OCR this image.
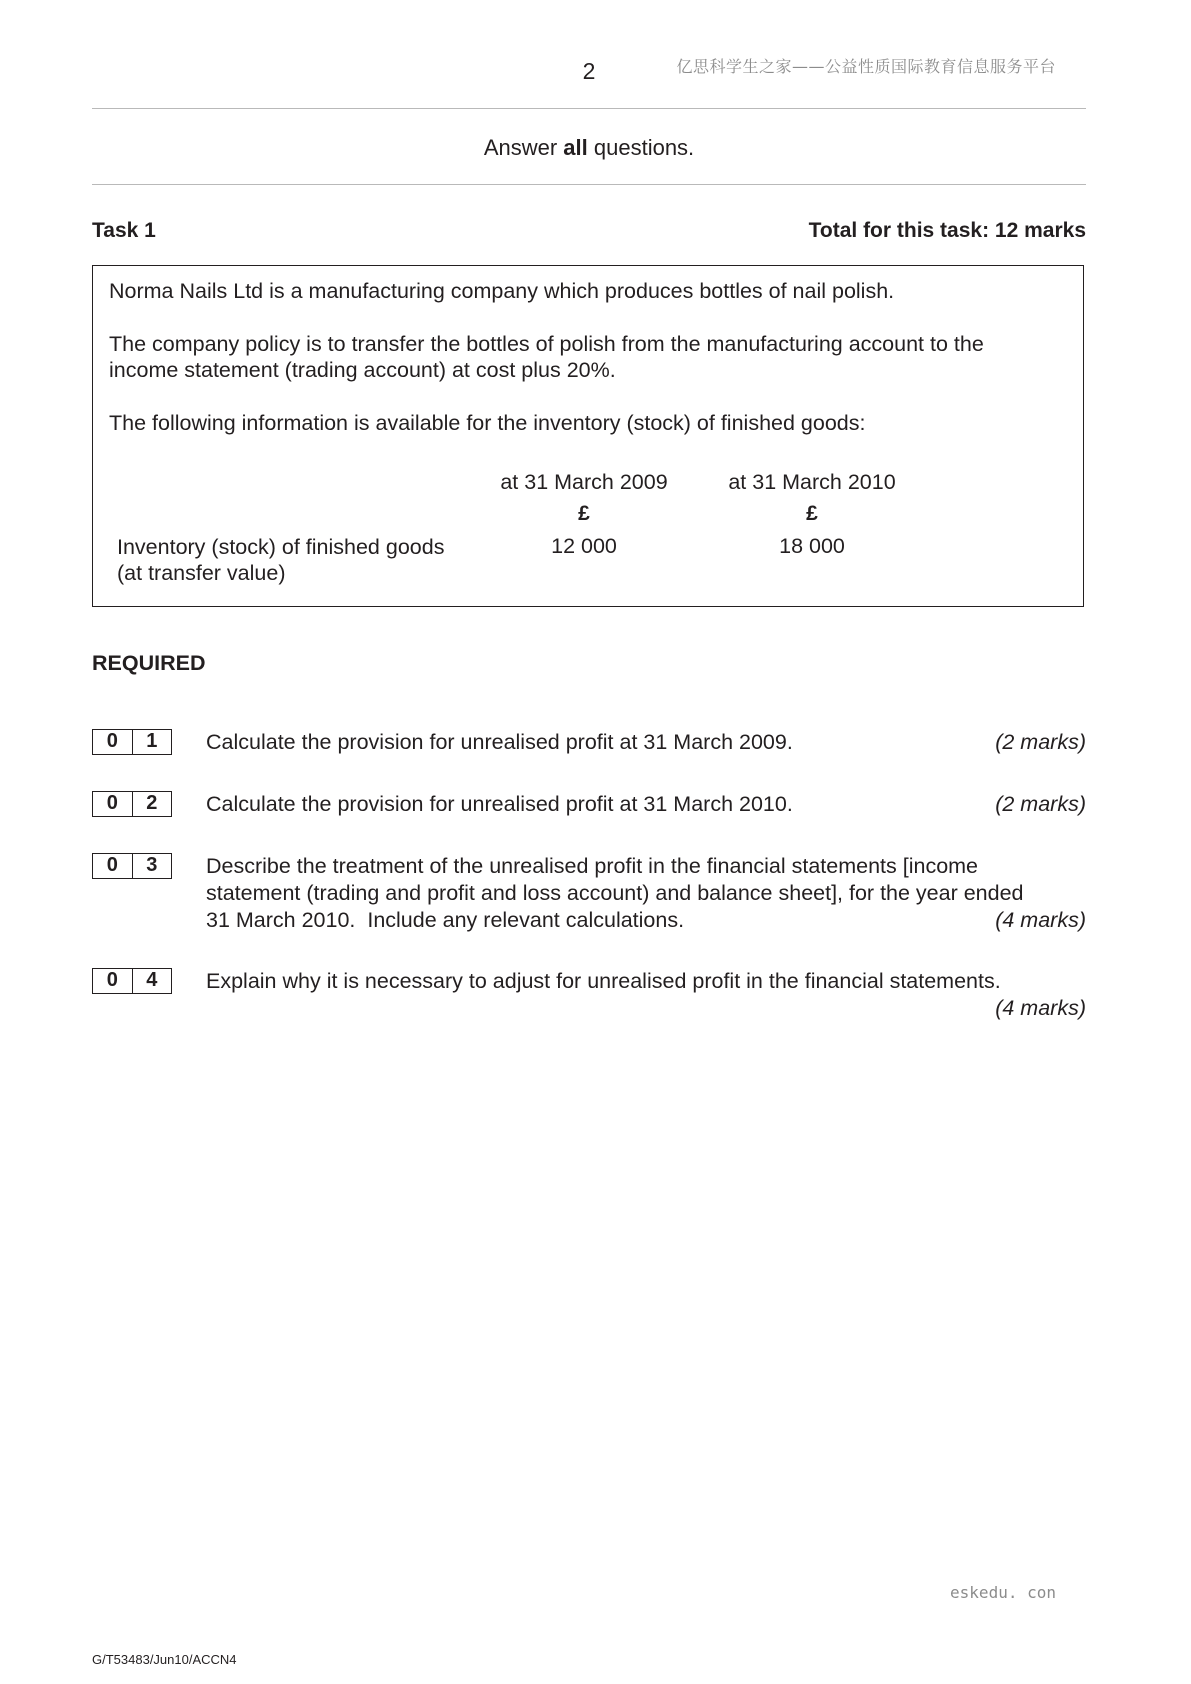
2	亿思科学生之家——公益性质国际教育信息服务平台
Answer all questions.
Task 1	Total for this task: 12 marks
Norma Nails Ltd is a manufacturing company which produces bottles of nail polish.
The company policy is to transfer the bottles of polish from the manufacturing account to the
income statement (trading account) at cost plus 20%.
The following information is available for the inventory (stock) of finished goods:
at 31 March 2009	at 31 March 2010
£	£
Inventory (stock) of finished goods
(at transfer value)
12 000	18 000
REQUIRED
0	1	(2 marks)
Calculate the provision for unrealised profit at 31 March 2009.
0	2	(2 marks)
Calculate the provision for unrealised profit at 31 March 2010.
0	3	Describe the treatment of the unrealised profit in the financial statements [income
statement (trading and profit and loss account) and balance sheet], for the year ended
(4 marks)
31 March 2010.  Include any relevant calculations.
0	4	Explain why it is necessary to adjust for unrealised profit in the financial statements.
(4 marks)
eskedu. con
G/T53483/Jun10/ACCN4
